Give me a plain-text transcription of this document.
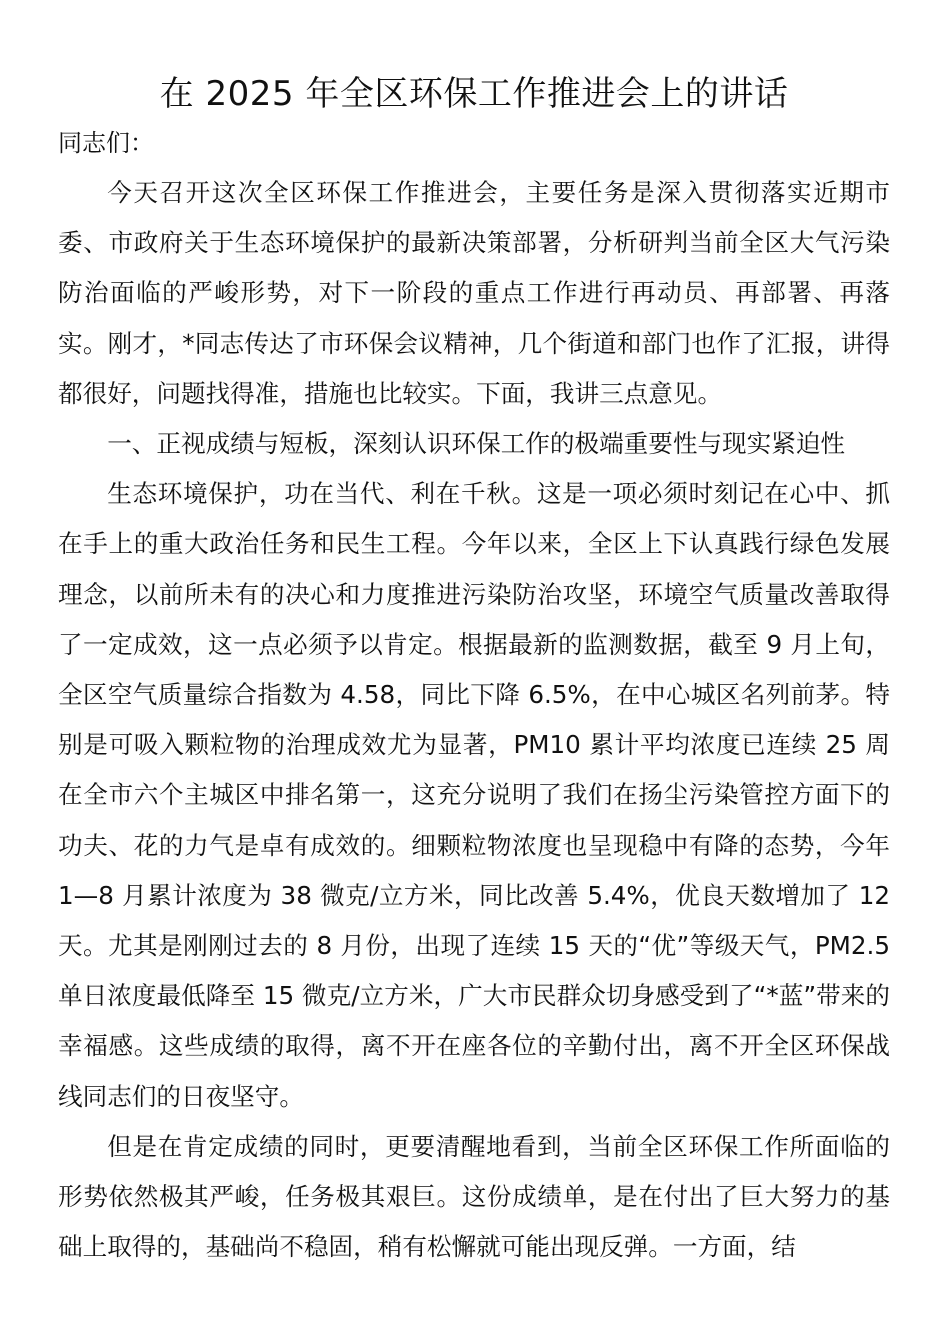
在 2025 年全区环保工作推进会上的讲话

同志们：

今天召开这次全区环保工作推进会，主要任务是深入贯彻落实近期市委、市政府关于生态环境保护的最新决策部署，分析研判当前全区大气污染防治面临的严峻形势，对下一阶段的重点工作进行再动员、再部署、再落实。刚才，*同志传达了市环保会议精神，几个街道和部门也作了汇报，讲得都很好，问题找得准，措施也比较实。下面，我讲三点意见。

一、正视成绩与短板，深刻认识环保工作的极端重要性与现实紧迫性

生态环境保护，功在当代、利在千秋。这是一项必须时刻记在心中、抓在手上的重大政治任务和民生工程。今年以来，全区上下认真践行绿色发展理念，以前所未有的决心和力度推进污染防治攻坚，环境空气质量改善取得了一定成效，这一点必须予以肯定。根据最新的监测数据，截至 9 月上旬，全区空气质量综合指数为 4.58，同比下降 6.5%，在中心城区名列前茅。特别是可吸入颗粒物的治理成效尤为显著，PM10 累计平均浓度已连续 25 周在全市六个主城区中排名第一，这充分说明了我们在扬尘污染管控方面下的功夫、花的力气是卓有成效的。细颗粒物浓度也呈现稳中有降的态势，今年 1—8 月累计浓度为 38 微克/立方米，同比改善 5.4%，优良天数增加了 12 天。尤其是刚刚过去的 8 月份，出现了连续 15 天的“优”等级天气，PM2.5 单日浓度最低降至 15 微克/立方米，广大市民群众切身感受到了“*蓝”带来的幸福感。这些成绩的取得，离不开在座各位的辛勤付出，离不开全区环保战线同志们的日夜坚守。

但是在肯定成绩的同时，更要清醒地看到，当前全区环保工作所面临的形势依然极其严峻，任务极其艰巨。这份成绩单，是在付出了巨大努力的基础上取得的，基础尚不稳固，稍有松懈就可能出现反弹。一方面，结
